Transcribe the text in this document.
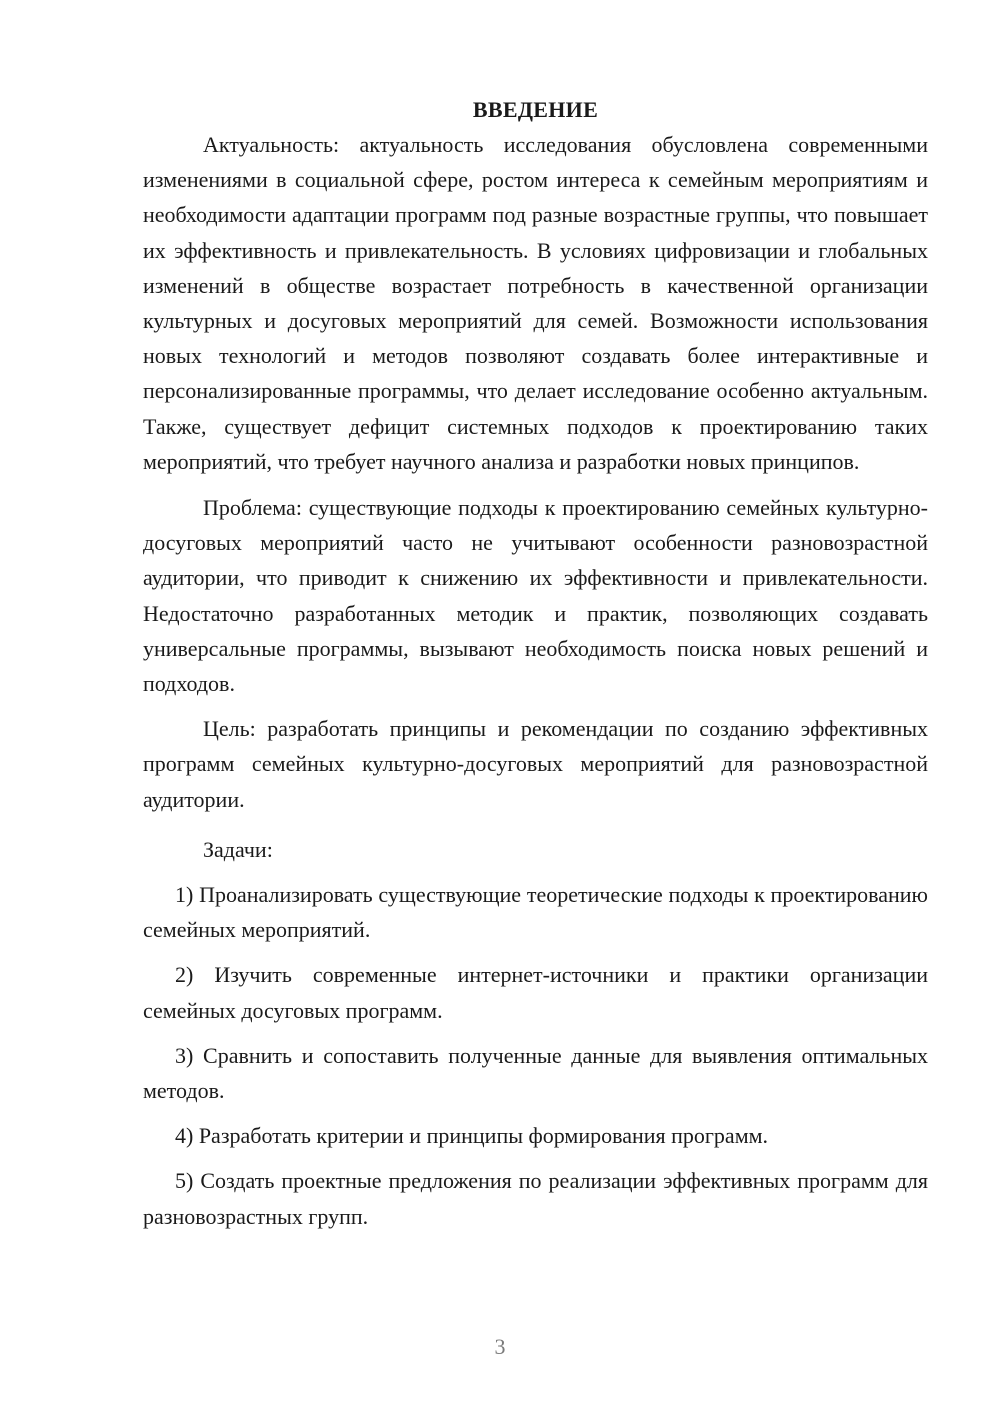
ВВЕДЕНИЕ

Актуальность: актуальность исследования обусловлена современными изменениями в социальной сфере, ростом интереса к семейным мероприятиям и необходимости адаптации программ под разные возрастные группы, что повышает их эффективность и привлекательность. В условиях цифровизации и глобальных изменений в обществе возрастает потребность в качественной организации культурных и досуговых мероприятий для семей. Возможности использования новых технологий и методов позволяют создавать более интерактивные и персонализированные программы, что делает исследование особенно актуальным. Также, существует дефицит системных подходов к проектированию таких мероприятий, что требует научного анализа и разработки новых принципов.

Проблема: существующие подходы к проектированию семейных культурно-досуговых мероприятий часто не учитывают особенности разновозрастной аудитории, что приводит к снижению их эффективности и привлекательности. Недостаточно разработанных методик и практик, позволяющих создавать универсальные программы, вызывают необходимость поиска новых решений и подходов.

Цель: разработать принципы и рекомендации по созданию эффективных программ семейных культурно-досуговых мероприятий для разновозрастной аудитории.

Задачи:

1) Проанализировать существующие теоретические подходы к проектированию семейных мероприятий.

2) Изучить современные интернет-источники и практики организации семейных досуговых программ.

3) Сравнить и сопоставить полученные данные для выявления оптимальных методов.

4) Разработать критерии и принципы формирования программ.

5) Создать проектные предложения по реализации эффективных программ для разновозрастных групп.

3
